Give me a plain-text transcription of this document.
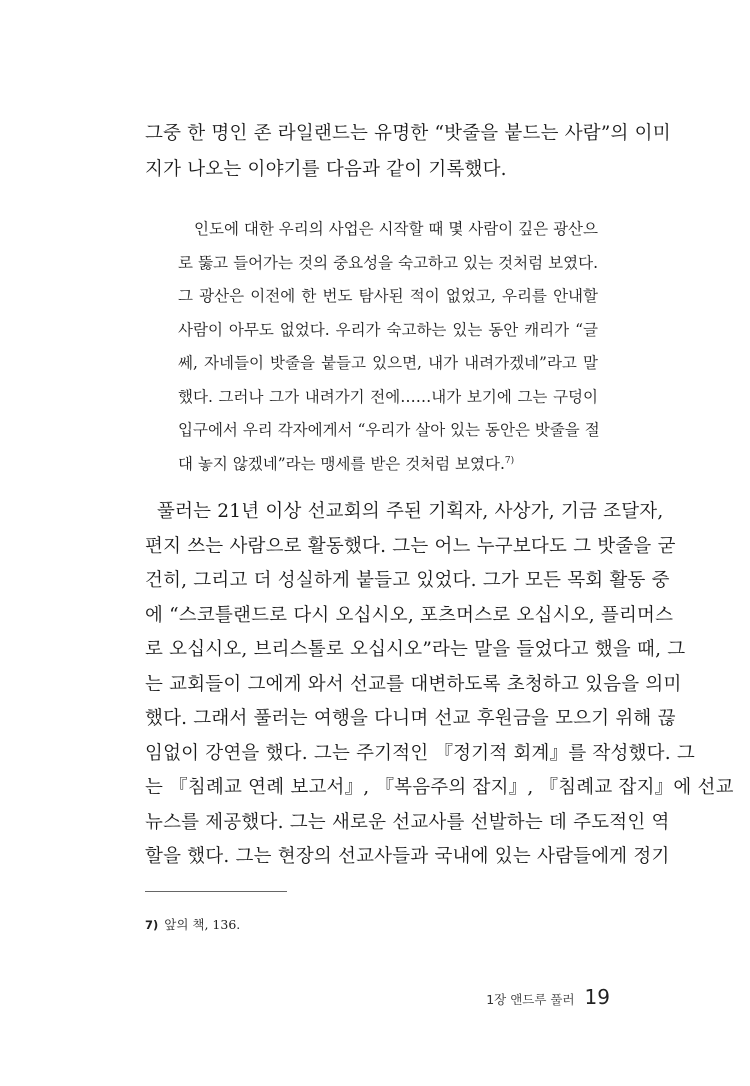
그중 한 명인 존 라일랜드는 유명한 “밧줄을 붙드는 사람”의 이미
지가 나오는 이야기를 다음과 같이 기록했다.
인도에 대한 우리의 사업은 시작할 때 몇 사람이 깊은 광산으
로 뚫고 들어가는 것의 중요성을 숙고하고 있는 것처럼 보였다.
그 광산은 이전에 한 번도 탐사된 적이 없었고, 우리를 안내할
사람이 아무도 없었다. 우리가 숙고하는 있는 동안 캐리가 “글
쎄, 자네들이 밧줄을 붙들고 있으면, 내가 내려가겠네”라고 말
했다. 그러나 그가 내려가기 전에……내가 보기에 그는 구덩이
입구에서 우리 각자에게서 “우리가 살아 있는 동안은 밧줄을 절
대 놓지 않겠네”라는 맹세를 받은 것처럼 보였다.$^{7)}$
풀러는 21년 이상 선교회의 주된 기획자, 사상가, 기금 조달자,
편지 쓰는 사람으로 활동했다. 그는 어느 누구보다도 그 밧줄을 굳
건히, 그리고 더 성실하게 붙들고 있었다. 그가 모든 목회 활동 중
에 “스코틀랜드로 다시 오십시오, 포츠머스로 오십시오, 플리머스
로 오십시오, 브리스톨로 오십시오”라는 말을 들었다고 했을 때, 그
는 교회들이 그에게 와서 선교를 대변하도록 초청하고 있음을 의미
했다. 그래서 풀러는 여행을 다니며 선교 후원금을 모으기 위해 끊
임없이 강연을 했다. 그는 주기적인 『정기적 회계』를 작성했다. 그
는 『침례교 연례 보고서』, 『복음주의 잡지』, 『침례교 잡지』에 선교
뉴스를 제공했다. 그는 새로운 선교사를 선발하는 데 주도적인 역
할을 했다. 그는 현장의 선교사들과 국내에 있는 사람들에게 정기
7) 앞의 책, 136.
1장 앤드루 풀러 19
